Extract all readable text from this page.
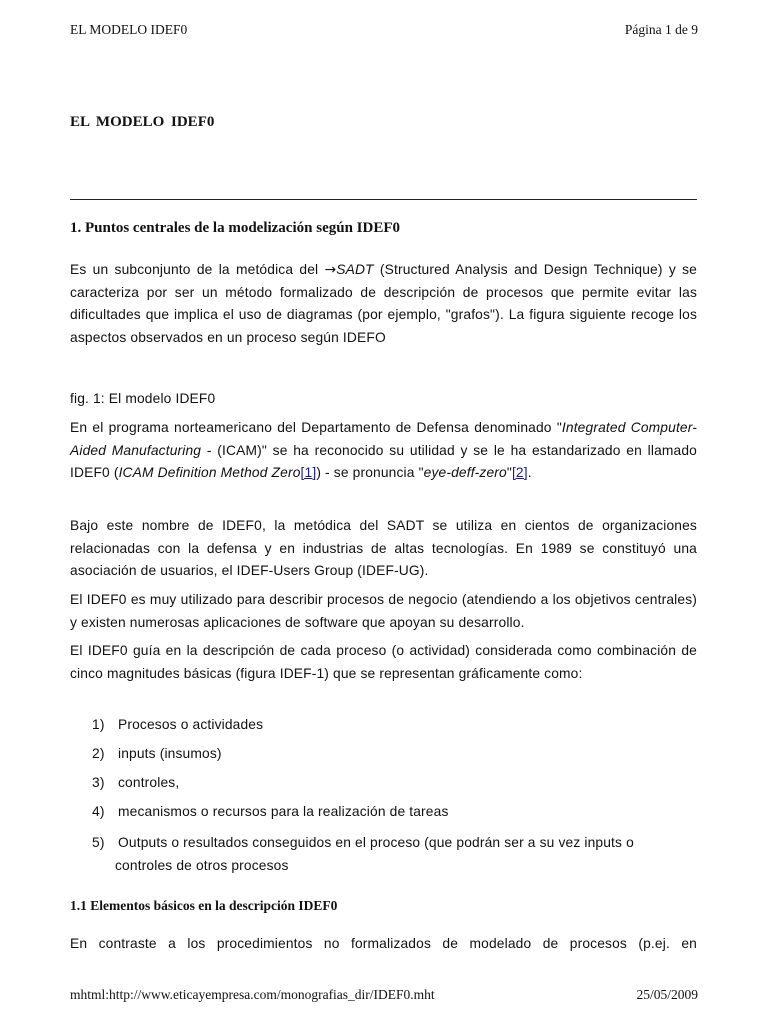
EL MODELO IDEF0	Página 1 de 9
EL MODELO IDEF0
1. Puntos centrales de la modelización según IDEF0
Es un subconjunto de la metódica del →SADT (Structured Analysis and Design Technique) y se caracteriza por ser un método formalizado de descripción de procesos que permite evitar las dificultades que implica el uso de diagramas (por ejemplo, "grafos"). La figura siguiente recoge los aspectos observados en un proceso según IDEFO
fig. 1: El modelo IDEF0
En el programa norteamericano del Departamento de Defensa denominado "Integrated Computer-Aided Manufacturing - (ICAM)" se ha reconocido su utilidad y se le ha estandarizado en llamado IDEF0 (ICAM Definition Method Zero[1]) - se pronuncia "eye-deff-zero"[2].
Bajo este nombre de IDEF0, la metódica del SADT se utiliza en cientos de organizaciones relacionadas con la defensa y en industrias de altas tecnologías. En 1989 se constituyó una asociación de usuarios, el IDEF-Users Group (IDEF-UG).
El IDEF0 es muy utilizado para describir procesos de negocio (atendiendo a los objetivos centrales) y existen numerosas aplicaciones de software que apoyan su desarrollo.
El IDEF0 guía en la descripción de cada proceso (o actividad) considerada como combinación de cinco magnitudes básicas (figura IDEF-1) que se representan gráficamente como:
1) Procesos o actividades
2) inputs (insumos)
3) controles,
4) mecanismos o recursos para la realización de tareas
5) Outputs o resultados conseguidos en el proceso (que podrán ser a su vez inputs o
controles de otros procesos
1.1 Elementos básicos en la descripción IDEF0
En contraste a los procedimientos no formalizados de modelado de procesos (p.ej. en
mhtml:http://www.eticayempresa.com/monografias_dir/IDEF0.mht	25/05/2009
